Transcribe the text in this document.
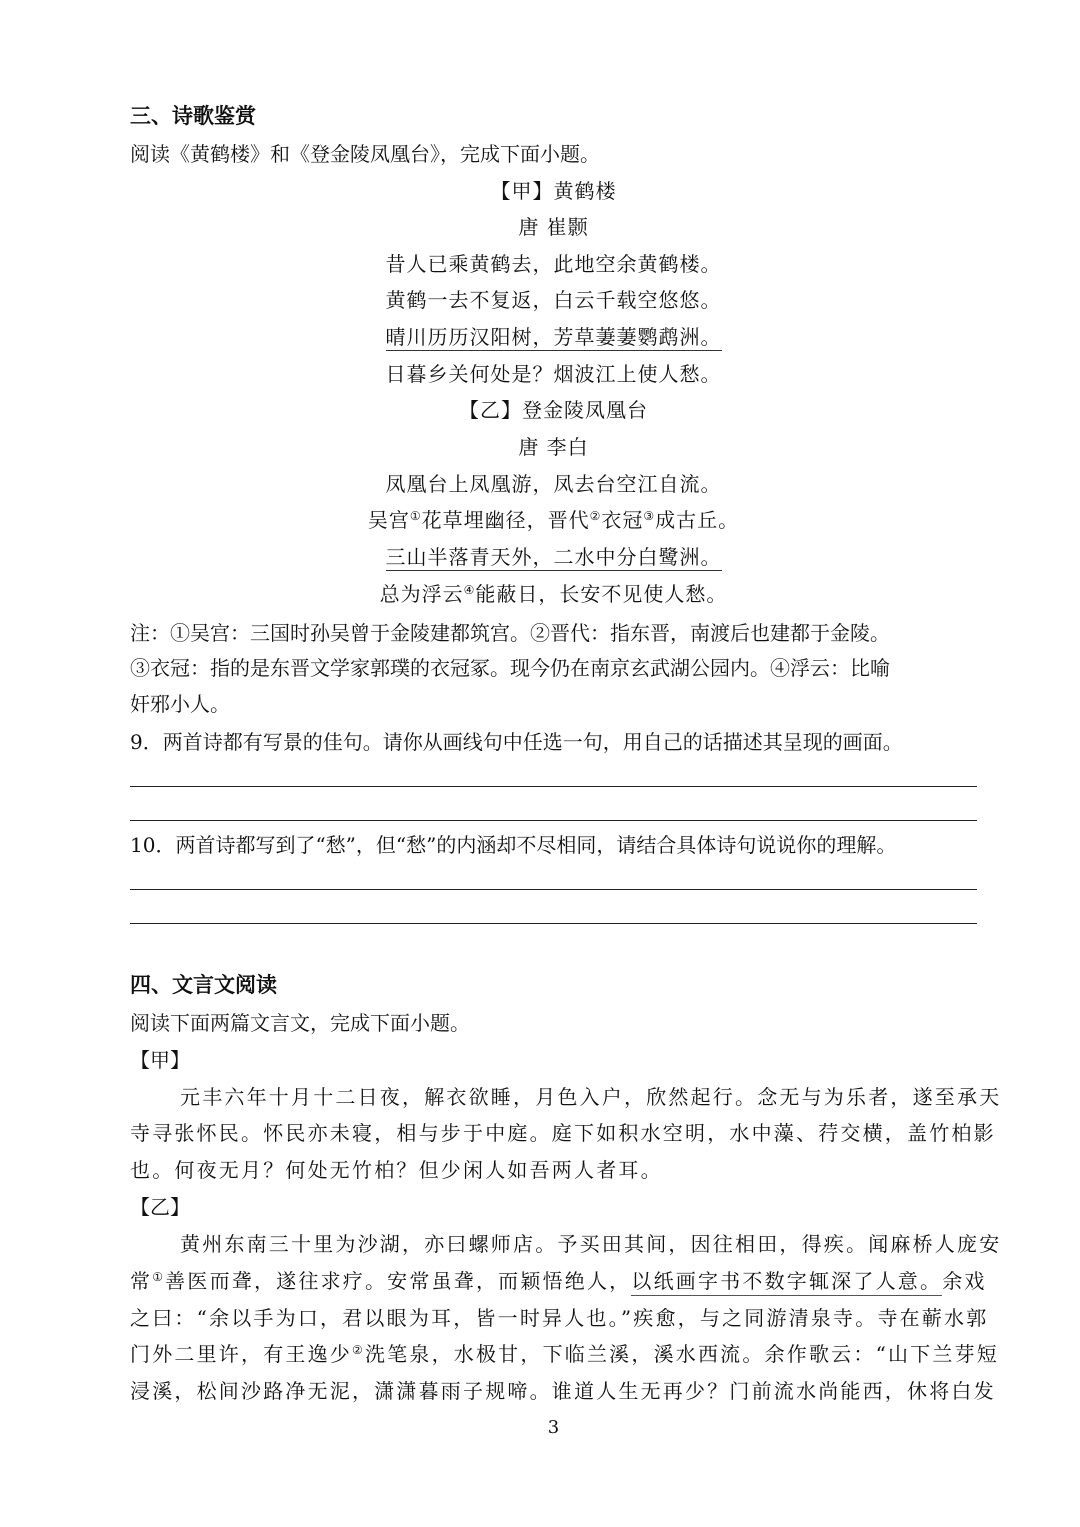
三、诗歌鉴赏
阅读《黄鹤楼》和《登金陵凤凰台》，完成下面小题。
【甲】黄鹤楼
唐 崔颢
昔人已乘黄鹤去，此地空余黄鹤楼。
黄鹤一去不复返，白云千载空悠悠。
晴川历历汉阳树，芳草萋萋鹦鹉洲。
日暮乡关何处是？烟波江上使人愁。
【乙】登金陵凤凰台
唐 李白
凤凰台上凤凰游，凤去台空江自流。
吴宫①花草埋幽径，晋代②衣冠③成古丘。
三山半落青天外，二水中分白鹭洲。
总为浮云④能蔽日，长安不见使人愁。
注：①吴宫：三国时孙吴曾于金陵建都筑宫。②晋代：指东晋，南渡后也建都于金陵。
③衣冠：指的是东晋文学家郭璞的衣冠冢。现今仍在南京玄武湖公园内。④浮云：比喻
奸邪小人。
9．两首诗都有写景的佳句。请你从画线句中任选一句，用自己的话描述其呈现的画面。
10．两首诗都写到了“愁”，但“愁”的内涵却不尽相同，请结合具体诗句说说你的理解。
四、文言文阅读
阅读下面两篇文言文，完成下面小题。
【甲】
元丰六年十月十二日夜，解衣欲睡，月色入户，欣然起行。念无与为乐者，遂至承天
寺寻张怀民。怀民亦未寝，相与步于中庭。庭下如积水空明，水中藻、荇交横，盖竹柏影
也。何夜无月？何处无竹柏？但少闲人如吾两人者耳。
【乙】
黄州东南三十里为沙湖，亦曰螺师店。予买田其间，因往相田，得疾。闻麻桥人庞安
常①善医而聋，遂往求疗。安常虽聋，而颖悟绝人，以纸画字书不数字辄深了人意。余戏
之曰：“余以手为口，君以眼为耳，皆一时异人也。”疾愈，与之同游清泉寺。寺在蕲水郭
门外二里许，有王逸少②洗笔泉，水极甘，下临兰溪，溪水西流。余作歌云：“山下兰芽短
浸溪，松间沙路净无泥，潇潇暮雨子规啼。谁道人生无再少？门前流水尚能西，休将白发
3
